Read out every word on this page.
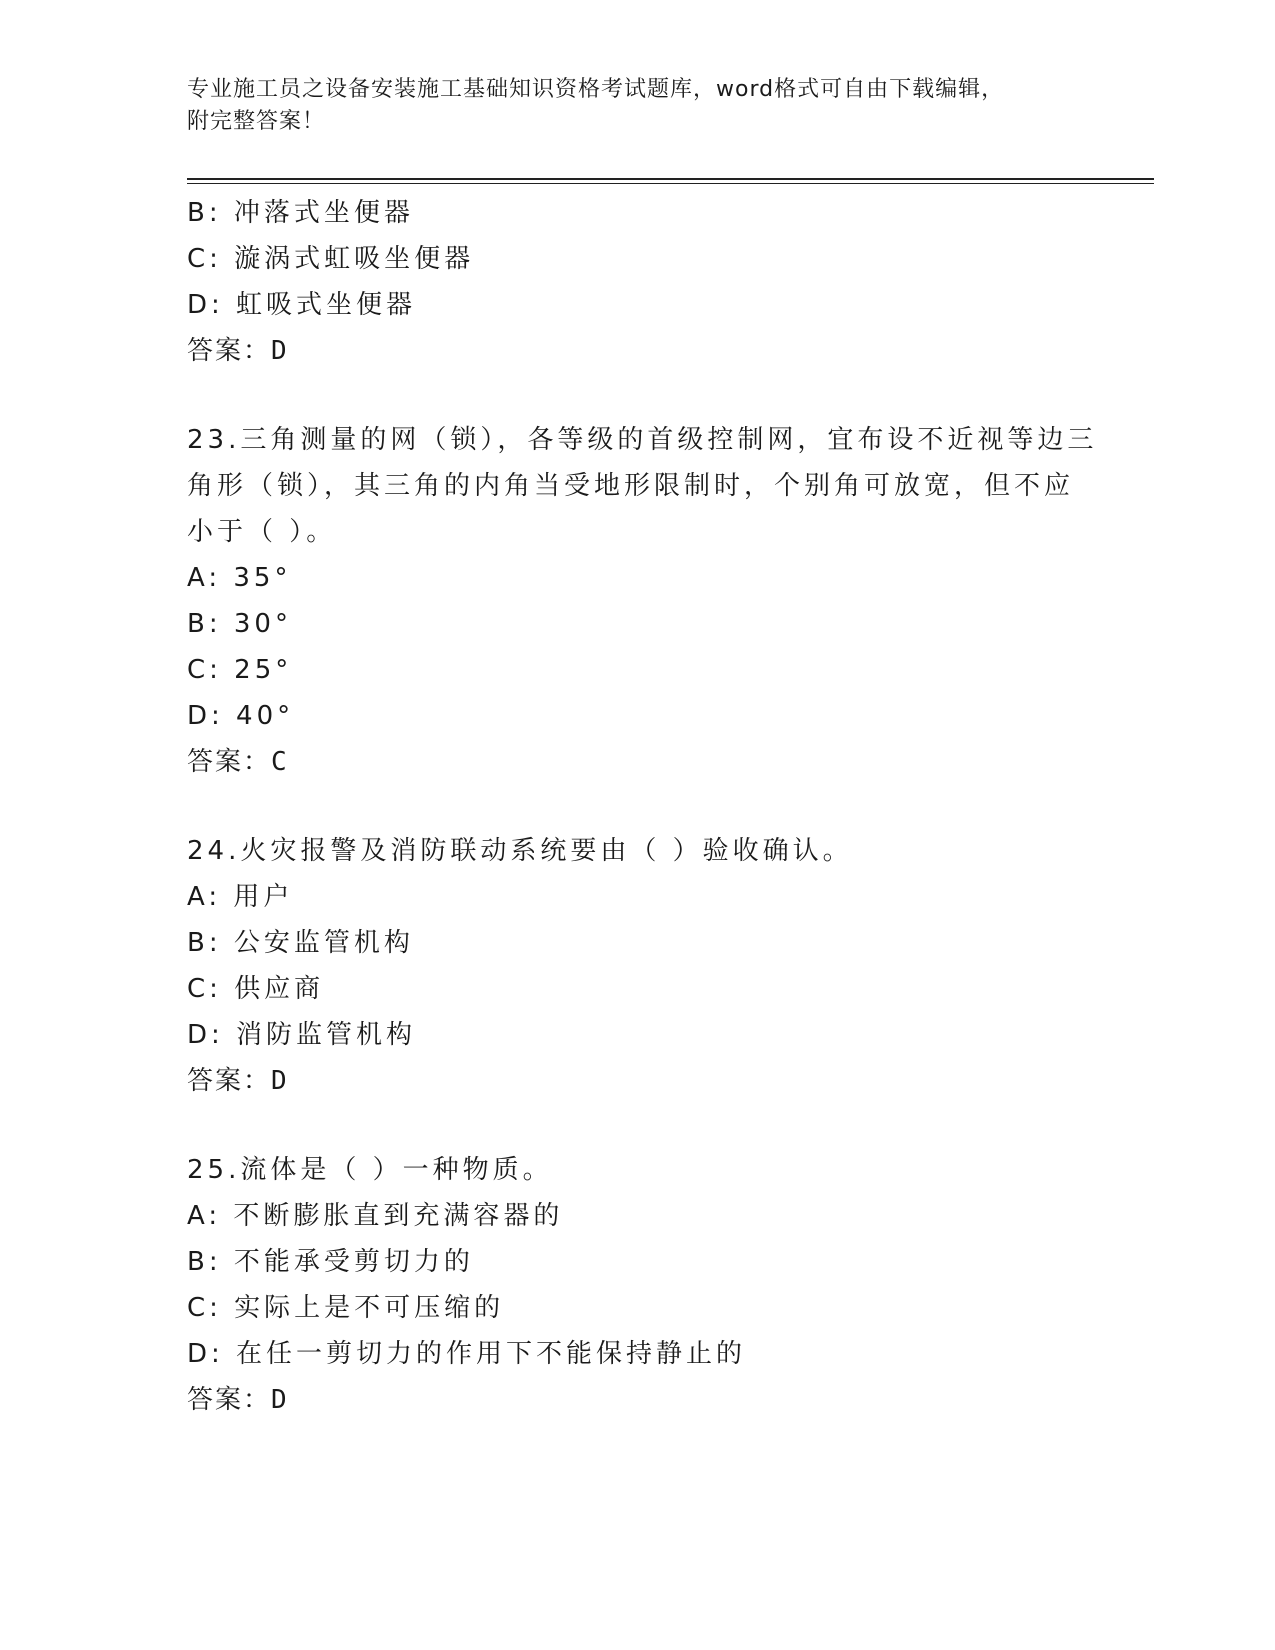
专业施工员之设备安装施工基础知识资格考试题库，word格式可自由下载编辑，
附完整答案！
B: 冲落式坐便器
C: 漩涡式虹吸坐便器
D: 虹吸式坐便器
答案：D
23.三角测量的网（锁），各等级的首级控制网，宜布设不近视等边三
角形（锁），其三角的内角当受地形限制时，个别角可放宽，但不应
小于（ ）。
A: 35°
B: 30°
C: 25°
D: 40°
答案：C
24.火灾报警及消防联动系统要由（ ）验收确认。
A: 用户
B: 公安监管机构
C: 供应商
D: 消防监管机构
答案：D
25.流体是（ ）一种物质。
A: 不断膨胀直到充满容器的
B: 不能承受剪切力的
C: 实际上是不可压缩的
D: 在任一剪切力的作用下不能保持静止的
答案：D
